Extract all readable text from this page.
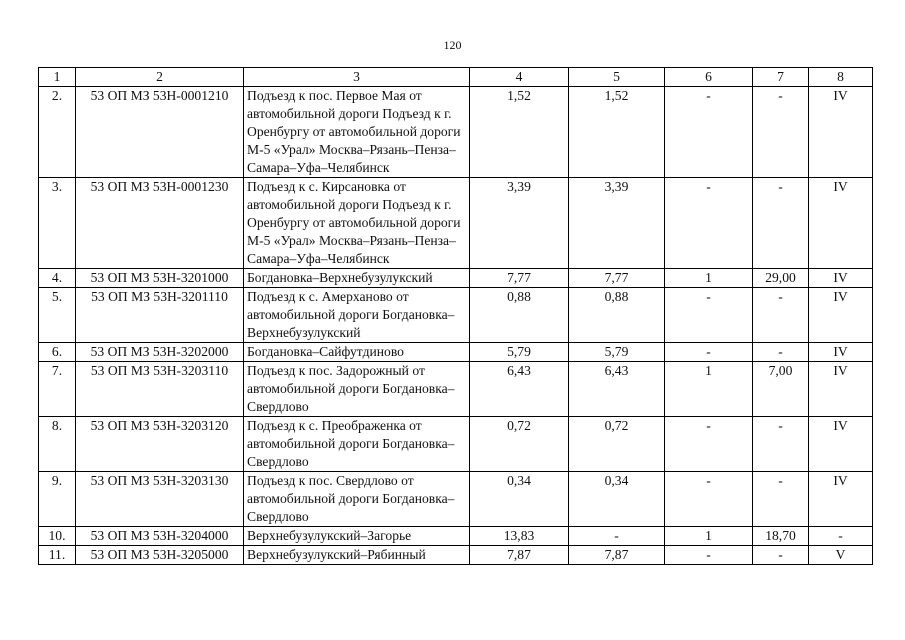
120
1	2	3	4	5	6	7	8
2.	53 ОП МЗ 53Н-0001210	Подъезд к пос. Первое Мая от автомобильной дороги Подъезд к г. Оренбургу от автомобильной дороги М-5 «Урал» Москва–Рязань–Пенза–Самара–Уфа–Челябинск	1,52	1,52	-	-	IV
3.	53 ОП МЗ 53Н-0001230	Подъезд к с. Кирсановка от автомобильной дороги Подъезд к г. Оренбургу от автомобильной дороги М-5 «Урал» Москва–Рязань–Пенза–Самара–Уфа–Челябинск	3,39	3,39	-	-	IV
4.	53 ОП МЗ 53Н-3201000	Богдановка–Верхнебузулукский	7,77	7,77	1	29,00	IV
5.	53 ОП МЗ 53Н-3201110	Подъезд к с. Амерханово от автомобильной дороги Богдановка–Верхнебузулукский	0,88	0,88	-	-	IV
6.	53 ОП МЗ 53Н-3202000	Богдановка–Сайфутдиново	5,79	5,79	-	-	IV
7.	53 ОП МЗ 53Н-3203110	Подъезд к пос. Задорожный от автомобильной дороги Богдановка–Свердлово	6,43	6,43	1	7,00	IV
8.	53 ОП МЗ 53Н-3203120	Подъезд к с. Преображенка от автомобильной дороги Богдановка–Свердлово	0,72	0,72	-	-	IV
9.	53 ОП МЗ 53Н-3203130	Подъезд к пос. Свердлово от автомобильной дороги Богдановка–Свердлово	0,34	0,34	-	-	IV
10.	53 ОП МЗ 53Н-3204000	Верхнебузулукский–Загорье	13,83	-	1	18,70	-
11.	53 ОП МЗ 53Н-3205000	Верхнебузулукский–Рябинный	7,87	7,87	-	-	V
